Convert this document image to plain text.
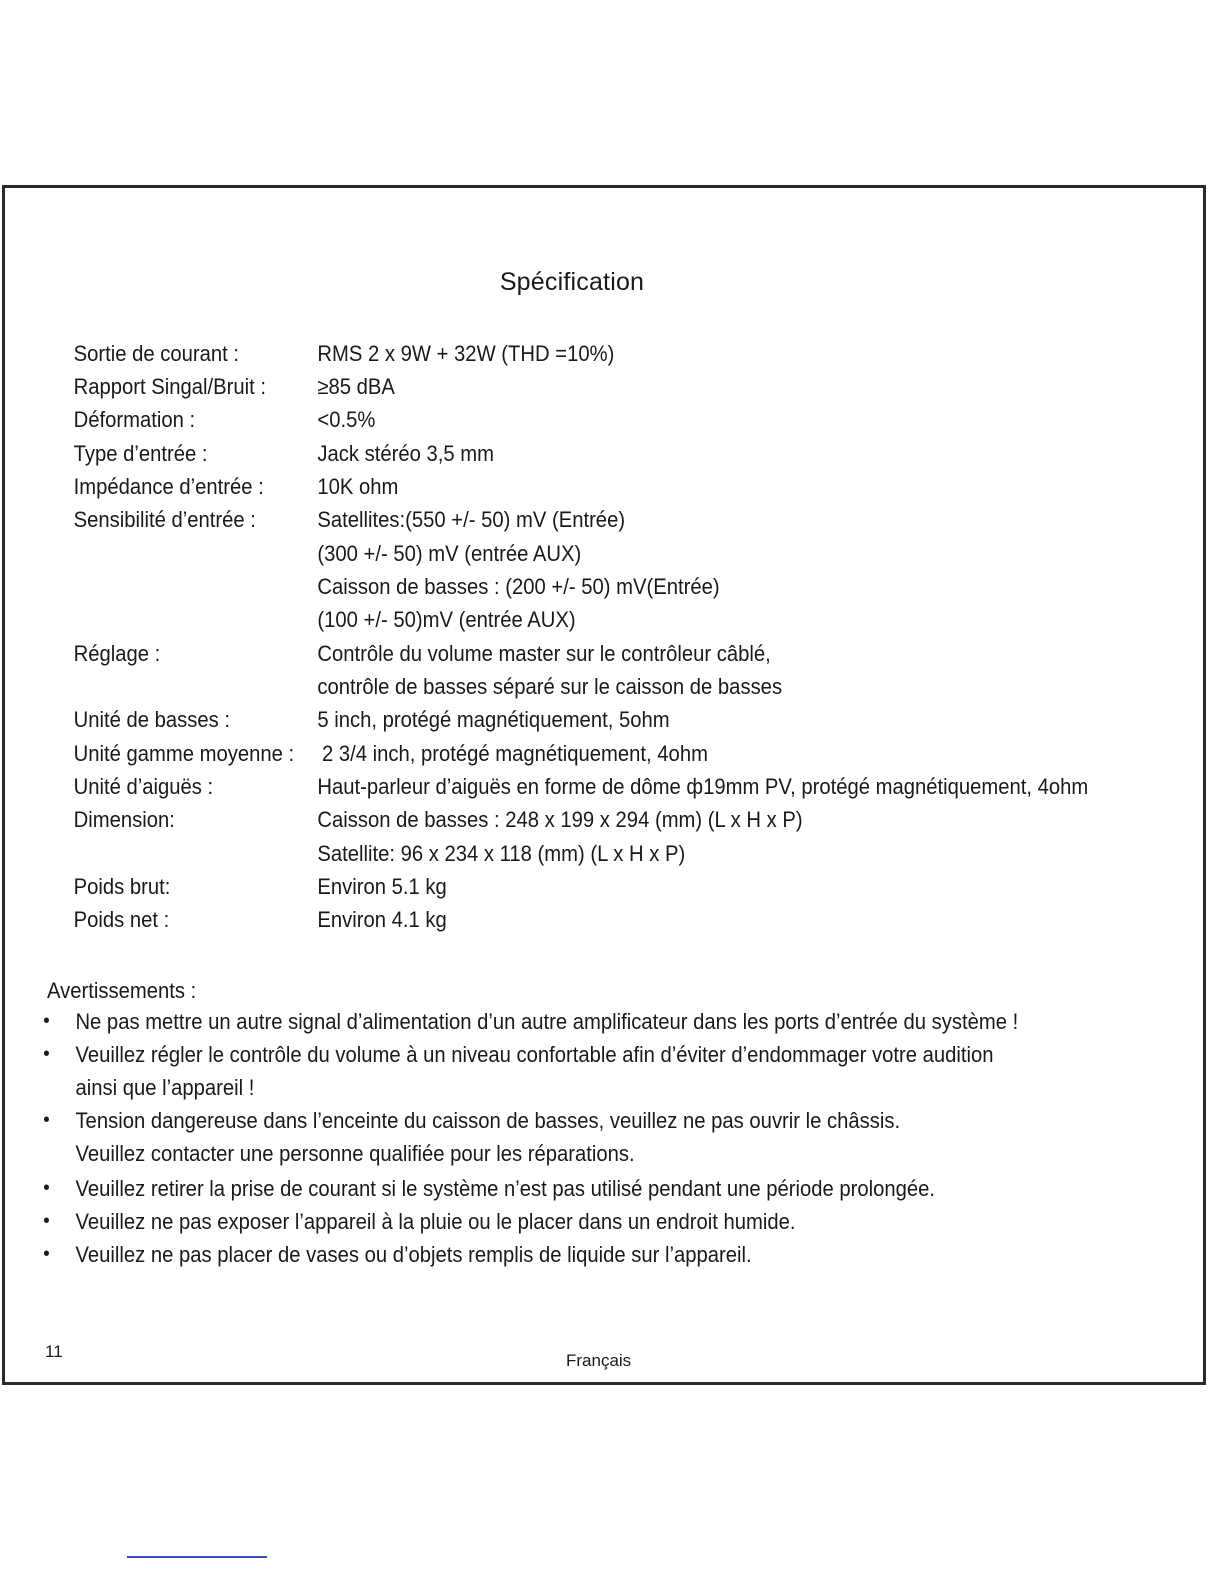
Spécification
Sortie de courant :	RMS 2 x 9W + 32W (THD =10%)
Rapport Singal/Bruit : ≥85 dBA
Déformation :	<0.5%
Type d’entrée :	Jack stéréo 3,5 mm
Impédance d’entrée : 10K ohm
Sensibilité d’entrée :	Satellites:(550 +/- 50) mV (Entrée)
(300 +/- 50) mV (entrée AUX)
Caisson de basses : (200 +/- 50) mV(Entrée)
(100 +/- 50)mV (entrée AUX)
Réglage :	Contrôle du volume master sur le contrôleur câblé,
contrôle de basses séparé sur le caisson de basses
Unité de basses :	5 inch, protégé magnétiquement, 5ohm
Unité gamme moyenne : 2 3/4 inch, protégé magnétiquement, 4ohm
Unité d’aiguës :	Haut-parleur d’aiguës en forme de dôme ф19mm PV, protégé magnétiquement, 4ohm
Dimension:	Caisson de basses : 248 x 199 x 294 (mm) (L x H x P)
Satellite: 96 x 234 x 118 (mm) (L x H x P)
Poids brut:	Environ 5.1 kg
Poids net :	Environ 4.1 kg
Avertissements :
• Ne pas mettre un autre signal d’alimentation d’un autre amplificateur dans les ports d’entrée du système !
• Veuillez régler le contrôle du volume à un niveau confortable afin d’éviter d’endommager votre audition
ainsi que l’appareil !
• Tension dangereuse dans l’enceinte du caisson de basses, veuillez ne pas ouvrir le châssis.
Veuillez contacter une personne qualifiée pour les réparations.
• Veuillez retirer la prise de courant si le système n’est pas utilisé pendant une période prolongée.
• Veuillez ne pas exposer l’appareil à la pluie ou le placer dans un endroit humide.
• Veuillez ne pas placer de vases ou d’objets remplis de liquide sur l’appareil.
11	Français
